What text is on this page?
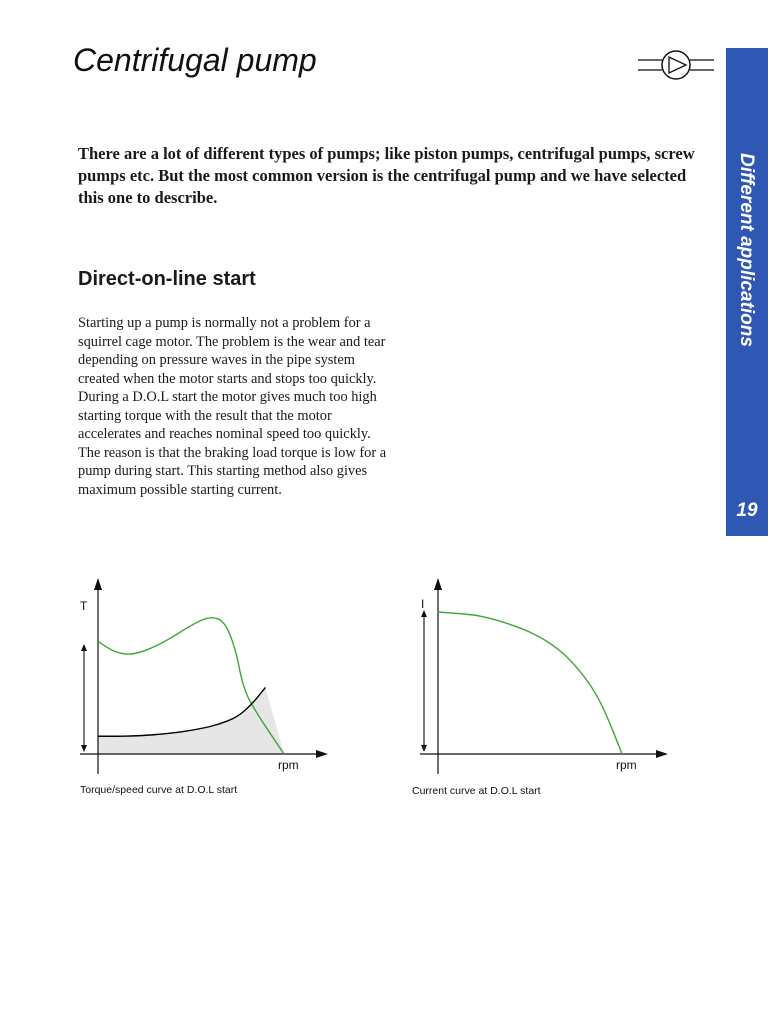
Centrifugal pump
Different applications
19

There are a lot of different types of pumps; like piston pumps, centrifugal pumps, screw pumps etc. But the most common version is the centrifugal pump and we have selected this one to describe.

Direct-on-line start

Starting up a pump is normally not a problem for a squirrel cage motor. The problem is the wear and tear depending on pressure waves in the pipe system created when the motor starts and stops too quickly. During a D.O.L start the motor gives much too high starting torque with the result that the motor accelerates and reaches nominal speed too quickly. The reason is that the braking load torque is low for a pump during start. This starting method also gives maximum possible starting current.

T
rpm

Torque/speed curve at D.O.L start

I
rpm

Current curve at D.O.L start
